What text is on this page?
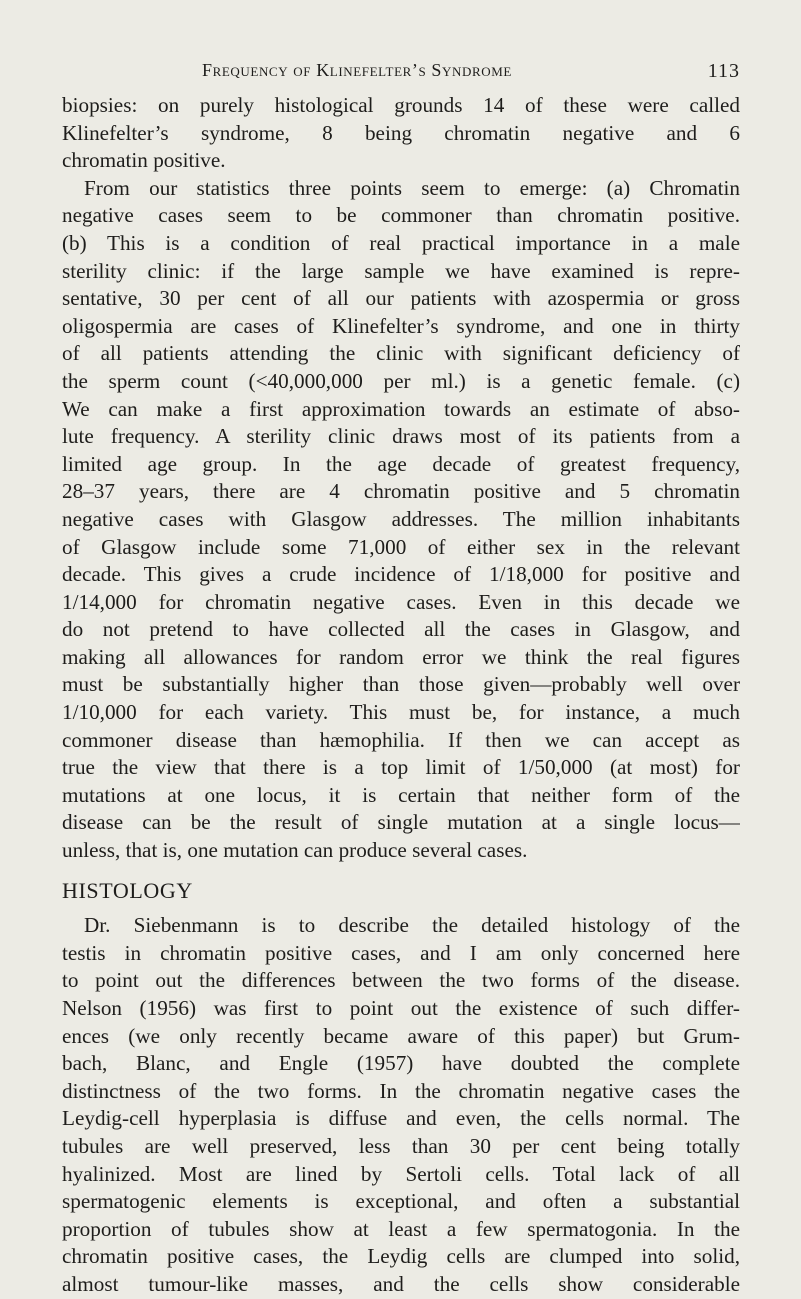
Frequency of Klinefelter’s Syndrome	113
biopsies: on purely histological grounds 14 of these were called
Klinefelter’s syndrome, 8 being chromatin negative and 6
chromatin positive.
From our statistics three points seem to emerge: (a) Chromatin
negative cases seem to be commoner than chromatin positive.
(b) This is a condition of real practical importance in a male
sterility clinic: if the large sample we have examined is repre-
sentative, 30 per cent of all our patients with azospermia or gross
oligospermia are cases of Klinefelter’s syndrome, and one in thirty
of all patients attending the clinic with significant deficiency of
the sperm count (<40,000,000 per ml.) is a genetic female. (c)
We can make a first approximation towards an estimate of abso-
lute frequency. A sterility clinic draws most of its patients from a
limited age group. In the age decade of greatest frequency,
28–37 years, there are 4 chromatin positive and 5 chromatin
negative cases with Glasgow addresses. The million inhabitants
of Glasgow include some 71,000 of either sex in the relevant
decade. This gives a crude incidence of 1/18,000 for positive and
1/14,000 for chromatin negative cases. Even in this decade we
do not pretend to have collected all the cases in Glasgow, and
making all allowances for random error we think the real figures
must be substantially higher than those given—probably well over
1/10,000 for each variety. This must be, for instance, a much
commoner disease than hæmophilia. If then we can accept as
true the view that there is a top limit of 1/50,000 (at most) for
mutations at one locus, it is certain that neither form of the
disease can be the result of single mutation at a single locus—
unless, that is, one mutation can produce several cases.
HISTOLOGY
Dr. Siebenmann is to describe the detailed histology of the
testis in chromatin positive cases, and I am only concerned here
to point out the differences between the two forms of the disease.
Nelson (1956) was first to point out the existence of such differ-
ences (we only recently became aware of this paper) but Grum-
bach, Blanc, and Engle (1957) have doubted the complete
distinctness of the two forms. In the chromatin negative cases the
Leydig-cell hyperplasia is diffuse and even, the cells normal. The
tubules are well preserved, less than 30 per cent being totally
hyalinized. Most are lined by Sertoli cells. Total lack of all
spermatogenic elements is exceptional, and often a substantial
proportion of tubules show at least a few spermatogonia. In the
chromatin positive cases, the Leydig cells are clumped into solid,
almost tumour-like masses, and the cells show considerable
